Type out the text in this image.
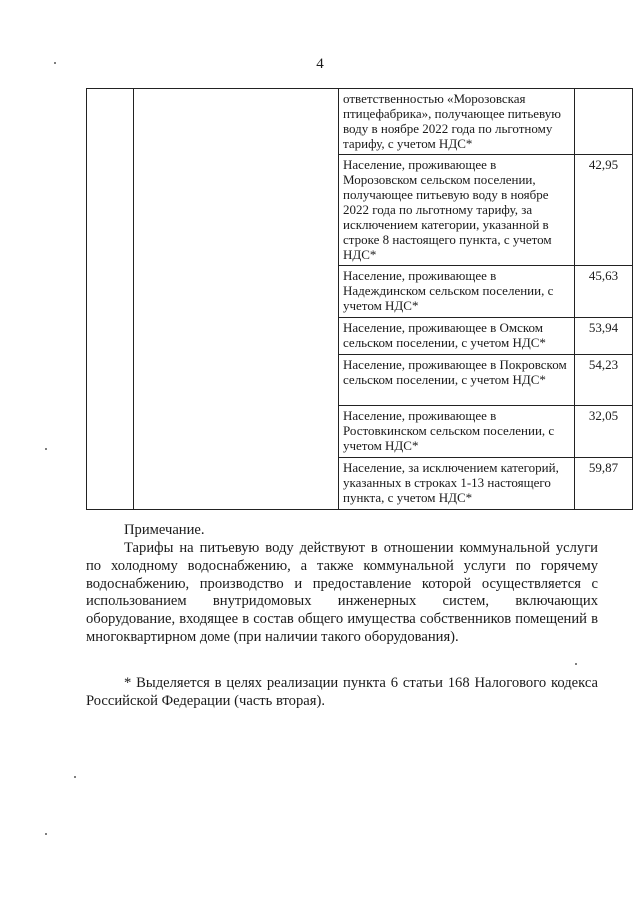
4
		ответственностью «Морозовская птицефабрика», получающее питьевую воду в ноябре 2022 года по льготному тарифу, с учетом НДС*	
		Население, проживающее в Морозовском сельском поселении, получающее питьевую воду в ноябре 2022 года по льготному тарифу, за исключением категории, указанной в строке 8 настоящего пункта, с учетом НДС*	42,95
		Население, проживающее в Надеждинском сельском поселении, с учетом НДС*	45,63
		Население, проживающее в Омском сельском поселении, с учетом НДС*	53,94
		Население, проживающее в Покровском сельском поселении, с учетом НДС*	54,23
		Население, проживающее в Ростовкинском сельском поселении, с учетом НДС*	32,05
		Население, за исключением категорий, указанных в строках 1-13 настоящего пункта, с учетом НДС*	59,87
Примечание.
Тарифы на питьевую воду действуют в отношении коммунальной услуги по холодному водоснабжению, а также коммунальной услуги по горячему водоснабжению, производство и предоставление которой осуществляется с использованием внутридомовых инженерных систем, включающих оборудование, входящее в состав общего имущества собственников помещений в многоквартирном доме (при наличии такого оборудования).
* Выделяется в целях реализации пункта 6 статьи 168 Налогового кодекса Российской Федерации (часть вторая).
